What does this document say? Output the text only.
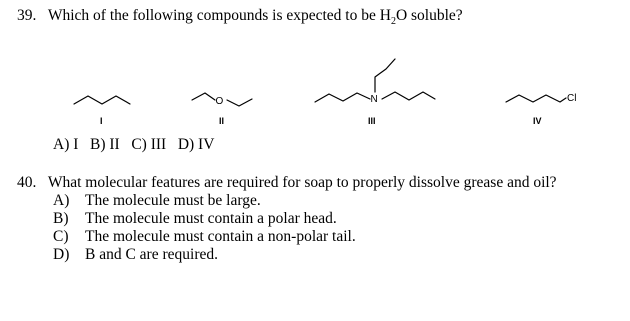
39. Which of the following compounds is expected to be $H_2O$ soluble?
I
O
II
N
III
Cl
IV
A) I   B) II   C) III   D) IV
40. What molecular features are required for soap to properly dissolve grease and oil?
A) The molecule must be large.
B) The molecule must contain a polar head.
C) The molecule must contain a non-polar tail.
D) B and C are required.
